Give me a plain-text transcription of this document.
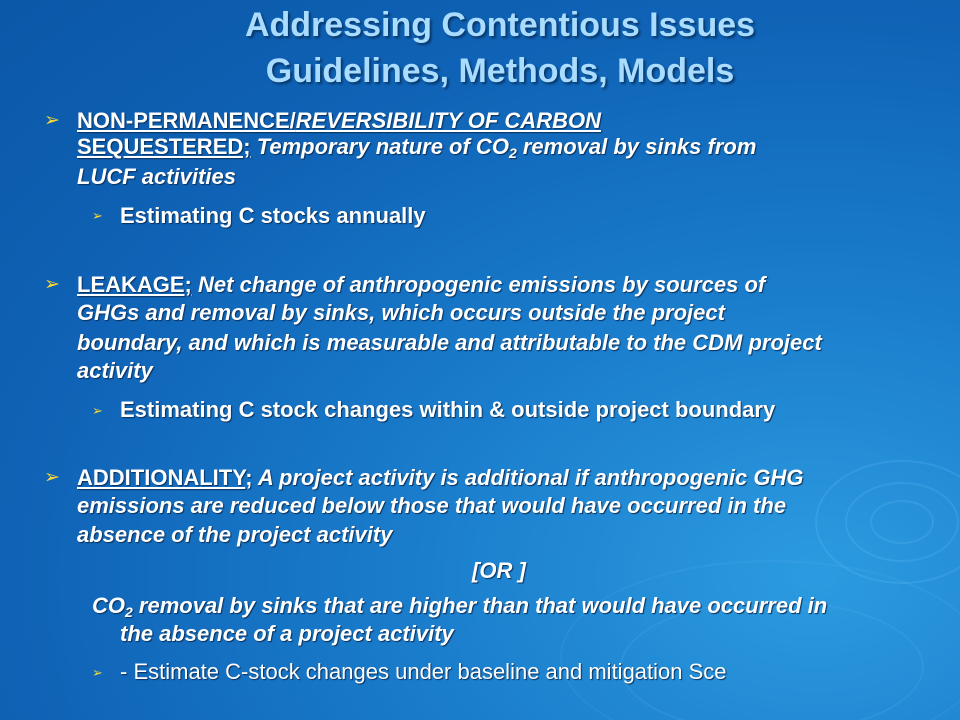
Addressing Contentious Issues
Guidelines, Methods, Models
➢ NON-PERMANENCE/REVERSIBILITY OF CARBON
SEQUESTERED; Temporary nature of $CO_2$ removal by sinks from
LUCF activities
➢ Estimating C stocks annually
➢ LEAKAGE; Net change of anthropogenic emissions by sources of
GHGs and removal by sinks, which occurs outside the project
boundary, and which is measurable and attributable to the CDM project
activity
➢ Estimating C stock changes within & outside project boundary
➢ ADDITIONALITY; A project activity is additional if anthropogenic GHG
emissions are reduced below those that would have occurred in the
absence of the project activity
[OR ]
$CO_2$ removal by sinks that are higher than that would have occurred in
the absence of a project activity
➢ - Estimate C-stock changes under baseline and mitigation Sce
